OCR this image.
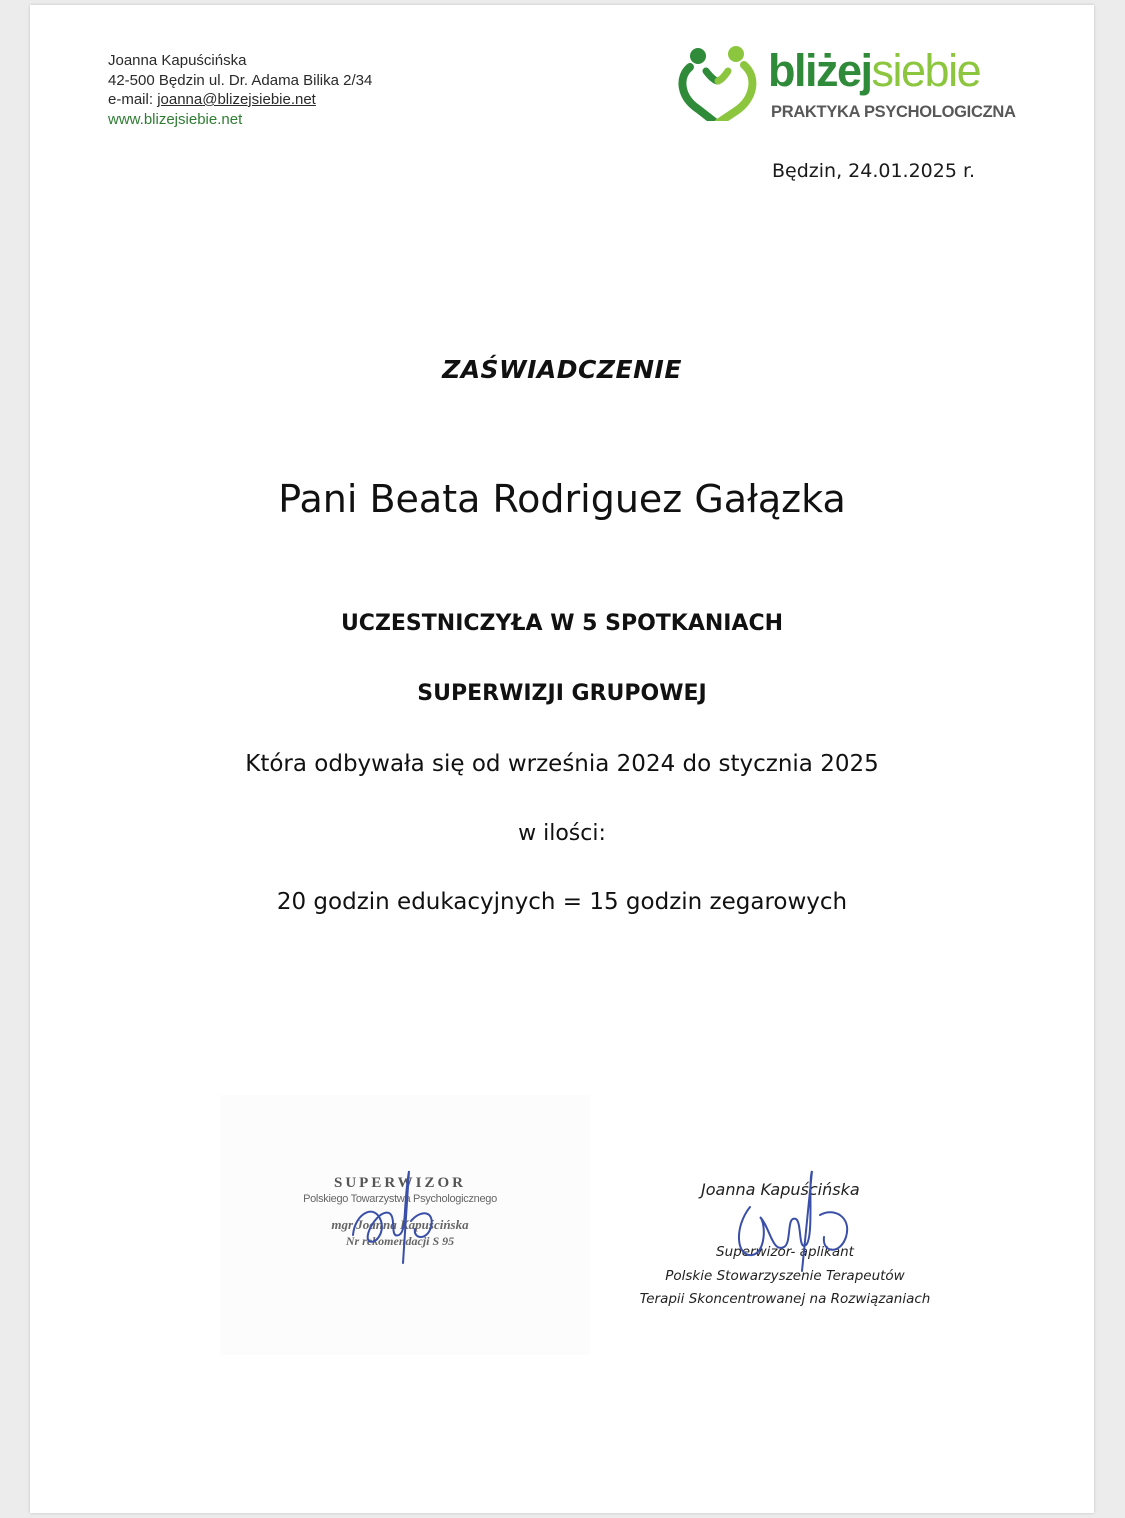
Joanna Kapuścińska
42-500 Będzin ul. Dr. Adama Bilika 2/34
e-mail: joanna@blizejsiebie.net
www.blizejsiebie.net
bliżejsiebie
PRAKTYKA PSYCHOLOGICZNA
Będzin, 24.01.2025 r.
ZAŚWIADCZENIE
Pani Beata Rodriguez Gałązka
UCZESTNICZYŁA W 5 SPOTKANIACH
SUPERWIZJI GRUPOWEJ
Która odbywała się od września 2024 do stycznia 2025
w ilości:
20 godzin edukacyjnych = 15 godzin zegarowych
SUPERWIZOR
Polskiego Towarzystwa Psychologicznego
mgr Joanna Kapuścińska
Nr rekomendacji S 95
Joanna Kapuścińska
Superwizor- aplikant
Polskie Stowarzyszenie Terapeutów
Terapii Skoncentrowanej na Rozwiązaniach
